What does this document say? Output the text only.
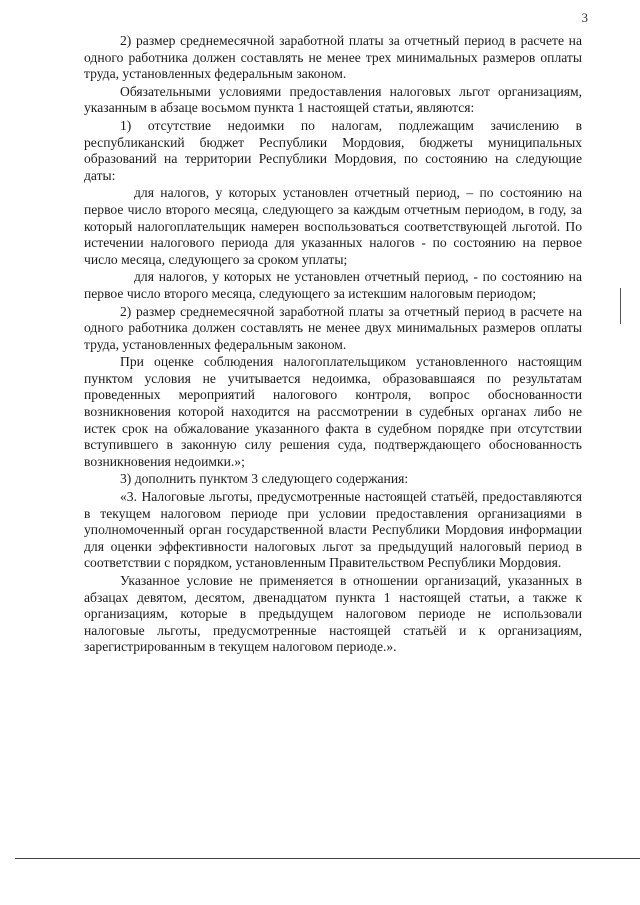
3

2) размер среднемесячной заработной платы за отчетный период в расчете на одного работника должен составлять не менее трех минимальных размеров оплаты труда, установленных федеральным законом.

Обязательными условиями предоставления налоговых льгот организациям, указанным в абзаце восьмом пункта 1 настоящей статьи, являются:

1) отсутствие недоимки по налогам, подлежащим зачислению в республиканский бюджет Республики Мордовия, бюджеты муниципальных образований на территории Республики Мордовия, по состоянию на следующие даты:

для налогов, у которых установлен отчетный период, – по состоянию на первое число второго месяца, следующего за каждым отчетным периодом, в году, за который налогоплательщик намерен воспользоваться соответствующей льготой. По истечении налогового периода для указанных налогов - по состоянию на первое число месяца, следующего за сроком уплаты;

для налогов, у которых не установлен отчетный период, - по состоянию на первое число второго месяца, следующего за истекшим налоговым периодом;

2) размер среднемесячной заработной платы за отчетный период в расчете на одного работника должен составлять не менее двух минимальных размеров оплаты труда, установленных федеральным законом.

При оценке соблюдения налогоплательщиком установленного настоящим пунктом условия не учитывается недоимка, образовавшаяся по результатам проведенных мероприятий налогового контроля, вопрос обоснованности возникновения которой находится на рассмотрении в судебных органах либо не истек срок на обжалование указанного факта в судебном порядке при отсутствии вступившего в законную силу решения суда, подтверждающего обоснованность возникновения недоимки.»;

3) дополнить пунктом 3 следующего содержания:

«3. Налоговые льготы, предусмотренные настоящей статьёй, предоставляются в текущем налоговом периоде при условии предоставления организациями в уполномоченный орган государственной власти Республики Мордовия информации для оценки эффективности налоговых льгот за предыдущий налоговый период в соответствии с порядком, установленным Правительством Республики Мордовия.

Указанное условие не применяется в отношении организаций, указанных в абзацах девятом, десятом, двенадцатом пункта 1 настоящей статьи, а также к организациям, которые в предыдущем налоговом периоде не использовали налоговые льготы, предусмотренные настоящей статьёй и к организациям, зарегистрированным в текущем налоговом периоде.».
